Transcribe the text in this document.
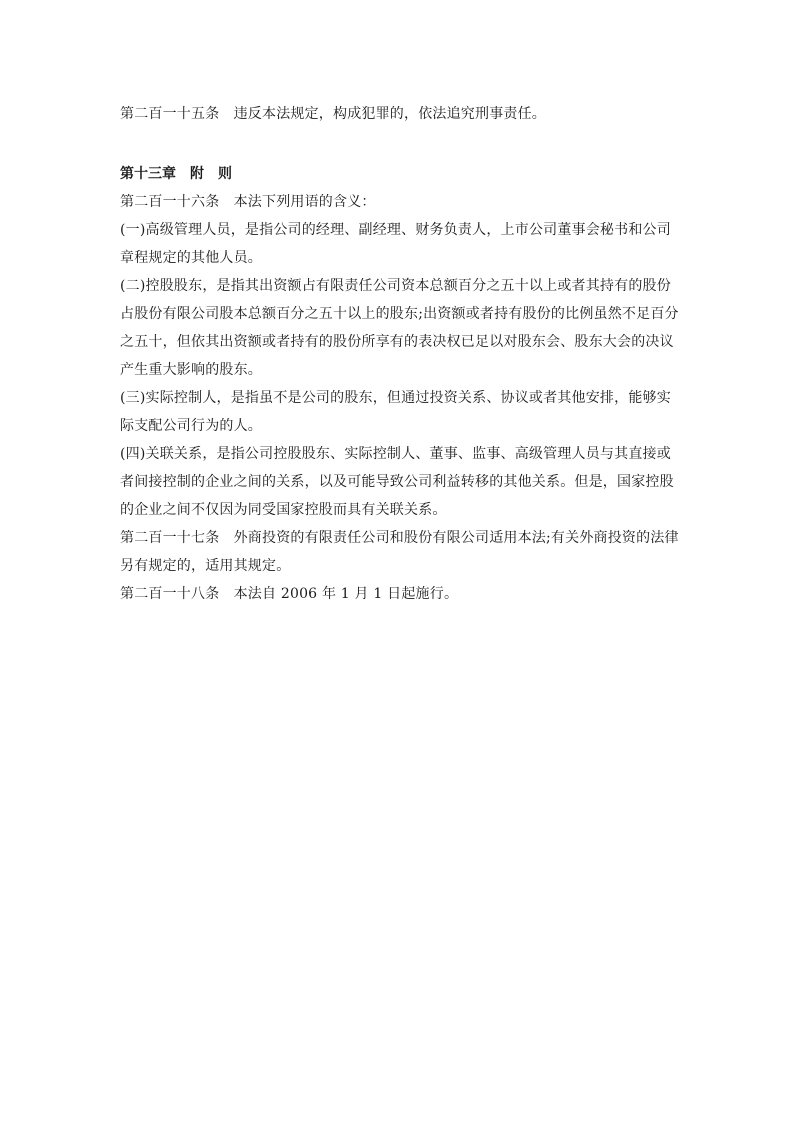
第二百一十五条　 违反本法规定，构成犯罪的，依法追究刑事责任。

第十三章　附　则

第二百一十六条　 本法下列用语的含义：

(一)高级管理人员，是指公司的经理、副经理、财务负责人，上市公司董事会秘书和公司章程规定的其他人员。

(二)控股股东，是指其出资额占有限责任公司资本总额百分之五十以上或者其持有的股份占股份有限公司股本总额百分之五十以上的股东;出资额或者持有股份的比例虽然不足百分之五十，但依其出资额或者持有的股份所享有的表决权已足以对股东会、股东大会的决议产生重大影响的股东。

(三)实际控制人，是指虽不是公司的股东，但通过投资关系、协议或者其他安排，能够实际支配公司行为的人。

(四)关联关系，是指公司控股股东、实际控制人、董事、监事、高级管理人员与其直接或者间接控制的企业之间的关系，以及可能导致公司利益转移的其他关系。但是，国家控股的企业之间不仅因为同受国家控股而具有关联关系。

第二百一十七条　 外商投资的有限责任公司和股份有限公司适用本法;有关外商投资的法律另有规定的，适用其规定。

第二百一十八条　 本法自 2006 年 1 月 1 日起施行。
